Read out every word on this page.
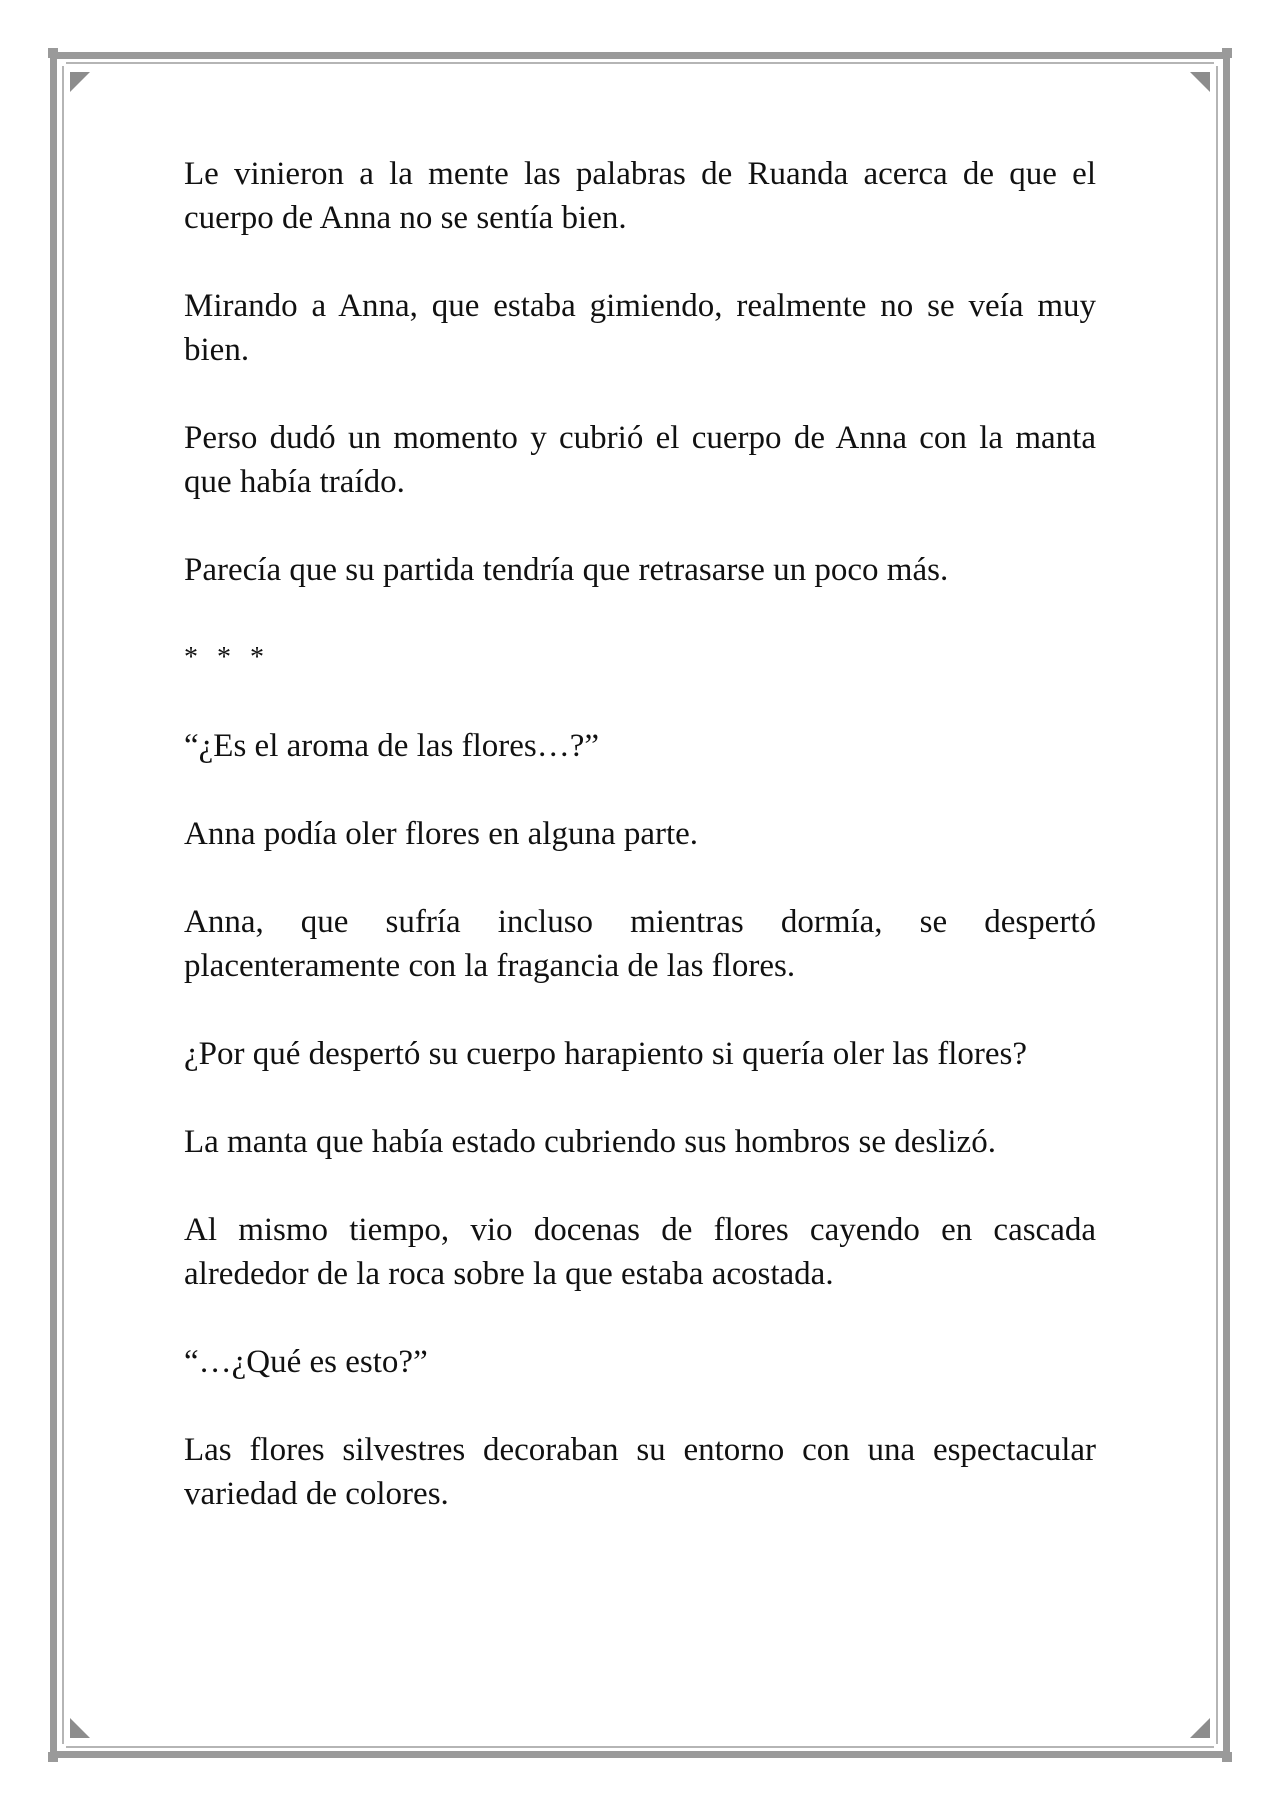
Le vinieron a la mente las palabras de Ruanda acerca de que el cuerpo de Anna no se sentía bien.

Mirando a Anna, que estaba gimiendo, realmente no se veía muy bien.

Perso dudó un momento y cubrió el cuerpo de Anna con la manta que había traído.

Parecía que su partida tendría que retrasarse un poco más.

* * *

“¿Es el aroma de las flores…?”

Anna podía oler flores en alguna parte.

Anna, que sufría incluso mientras dormía, se despertó placenteramente con la fragancia de las flores.

¿Por qué despertó su cuerpo harapiento si quería oler las flores?

La manta que había estado cubriendo sus hombros se deslizó.

Al mismo tiempo, vio docenas de flores cayendo en cascada alrededor de la roca sobre la que estaba acostada.

“…¿Qué es esto?”

Las flores silvestres decoraban su entorno con una espectacular variedad de colores.
